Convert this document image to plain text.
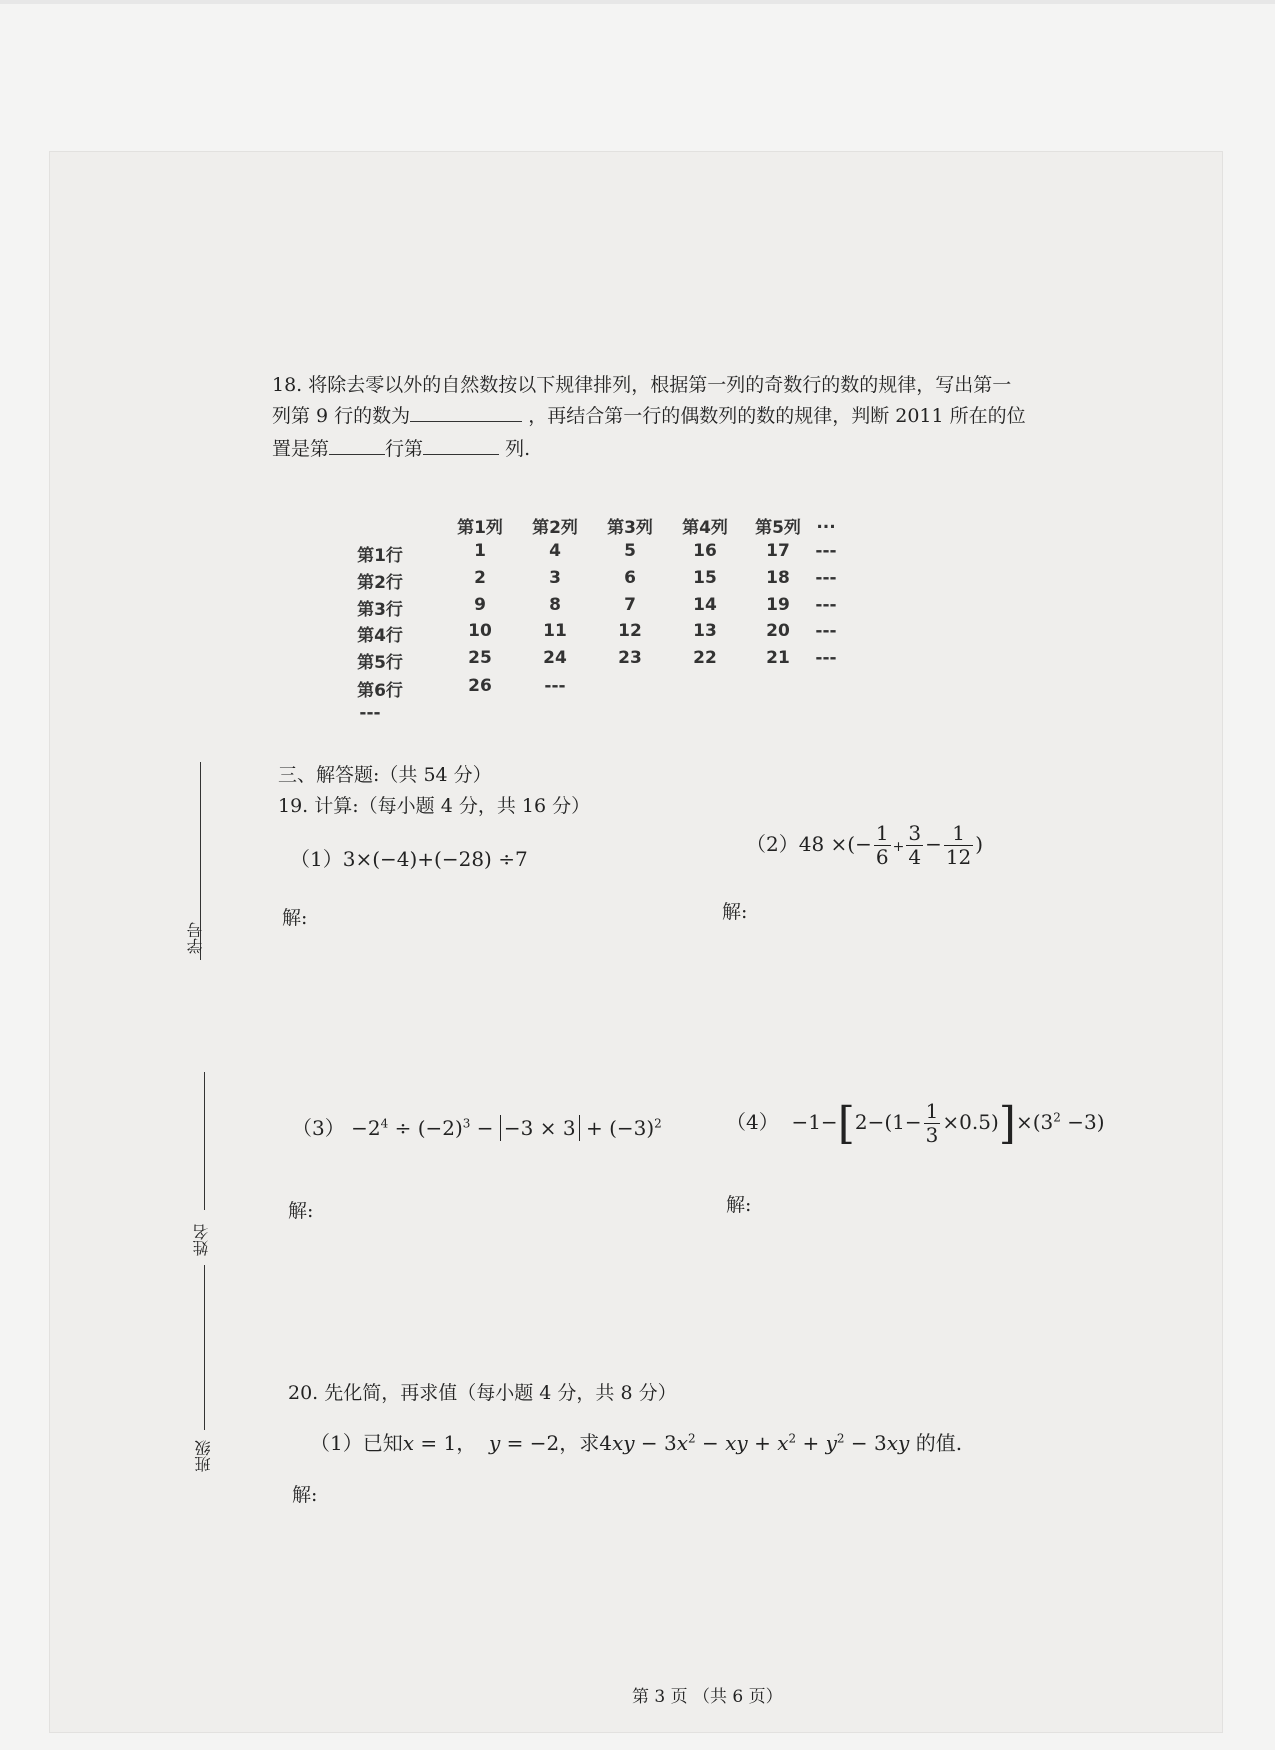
学号
姓名
班级
18. 将除去零以外的自然数按以下规律排列，根据第一列的奇数行的数的规律，写出第一
列第 9 行的数为	，再结合第一行的偶数列的数的规律，判断 2011 所在的位
置是第	行第	列.
第1列	第2列	第3列	第4列	第5列 ...
第1行	1	4	5	16	17	---
第2行	2	3	6	15	18	---
第3行	9	8	7	14	19	---
第4行	10	11	12	13	20	---
第5行	25	24	23	22	21	---
第6行	26	---
---
三、解答题:（共 54 分）
19. 计算:（每小题 4 分，共 16 分）
（1）3×(−4)+(−28) ÷7
（2）48 ×(− $\frac{1}{6} + \frac{3}{4} - \frac{1}{12}$ )
解:	解:
$(3) -2^4 \div (-2)^3 - -3 \times 3 + (-3)^2$	$(4) -1-[2-(1- \frac{1}{3} \times 0.5)]\times(3^2 -3)$
解:	解:
20. 先化简，再求值（每小题 4 分，共 8 分）
（1）已知x = 1，  y = −2，求$4xy - 3x^2$ − xy + $x^2 + y^2 - 3xy$ 的值.
解:
第 3 页 （共 6 页）
